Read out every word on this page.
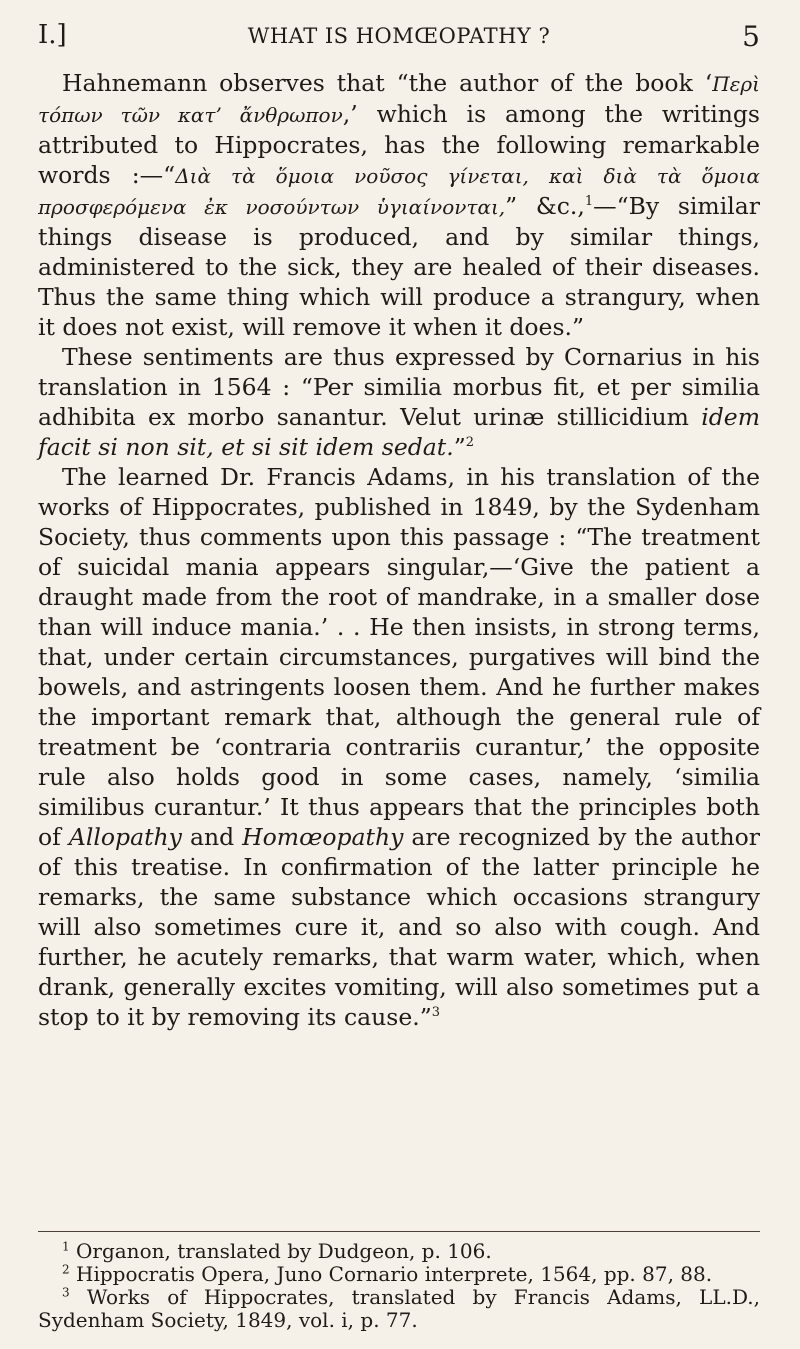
I.]	WHAT IS HOMŒOPATHY ?	5

Hahnemann observes that “the author of the book ‘Περὶ τόπων τῶν κατ’ ἄνθρωπον,’ which is among the writings attributed to Hippocrates, has the following remarkable words :—“Διὰ τὰ ὅμοια νοῦσος γίνεται, καὶ διὰ τὰ ὅμοια προσφερόμενα ἐκ νοσούντων ὑγιαίνονται,” &c.,$^1$—“By similar things disease is produced, and by similar things, administered to the sick, they are healed of their diseases. Thus the same thing which will produce a strangury, when it does not exist, will remove it when it does.”

These sentiments are thus expressed by Cornarius in his translation in 1564 : “Per similia morbus fit, et per similia adhibita ex morbo sanantur. Velut urinæ stillicidium idem facit si non sit, et si sit idem sedat.”$^2$

The learned Dr. Francis Adams, in his translation of the works of Hippocrates, published in 1849, by the Sydenham Society, thus comments upon this passage : “The treatment of suicidal mania appears singular,—‘Give the patient a draught made from the root of mandrake, in a smaller dose than will induce mania.’ . . He then insists, in strong terms, that, under certain circumstances, purgatives will bind the bowels, and astringents loosen them. And he further makes the important remark that, although the general rule of treatment be ‘contraria contrariis curantur,’ the opposite rule also holds good in some cases, namely, ‘similia similibus curantur.’ It thus appears that the principles both of Allopathy and Homœopathy are recognized by the author of this treatise. In confirmation of the latter principle he remarks, the same substance which occasions strangury will also sometimes cure it, and so also with cough. And further, he acutely remarks, that warm water, which, when drank, generally excites vomiting, will also sometimes put a stop to it by removing its cause.”$^3$

$^1$ Organon, translated by Dudgeon, p. 106.

$^2$ Hippocratis Opera, Juno Cornario interprete, 1564, pp. 87, 88.

$^3$ Works of Hippocrates, translated by Francis Adams, LL.D., Sydenham Society, 1849, vol. i, p. 77.
